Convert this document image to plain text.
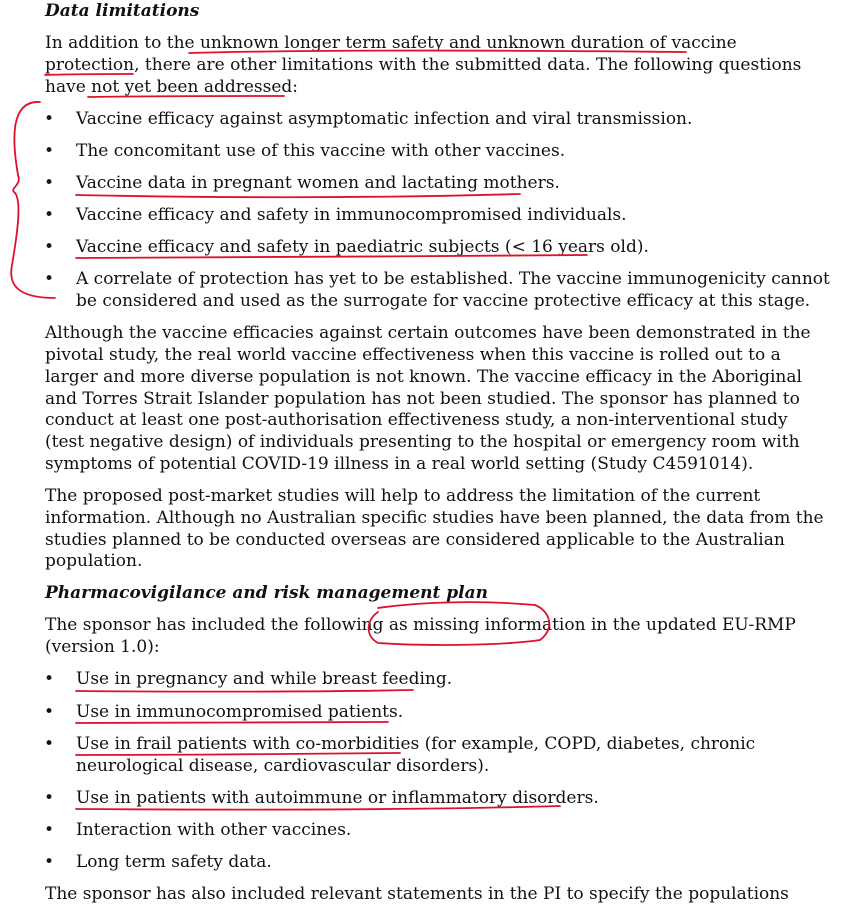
Data limitations
In addition to the unknown longer term safety and unknown duration of vaccine
protection, there are other limitations with the submitted data. The following questions
have not yet been addressed:
• Vaccine efficacy against asymptomatic infection and viral transmission.
• The concomitant use of this vaccine with other vaccines.
• Vaccine data in pregnant women and lactating mothers.
• Vaccine efficacy and safety in immunocompromised individuals.
• Vaccine efficacy and safety in paediatric subjects (< 16 years old).
• A correlate of protection has yet to be established. The vaccine immunogenicity cannot
be considered and used as the surrogate for vaccine protective efficacy at this stage.
Although the vaccine efficacies against certain outcomes have been demonstrated in the
pivotal study, the real world vaccine effectiveness when this vaccine is rolled out to a
larger and more diverse population is not known. The vaccine efficacy in the Aboriginal
and Torres Strait Islander population has not been studied. The sponsor has planned to
conduct at least one post-authorisation effectiveness study, a non-interventional study
(test negative design) of individuals presenting to the hospital or emergency room with
symptoms of potential COVID-19 illness in a real world setting (Study C4591014).
The proposed post-market studies will help to address the limitation of the current
information. Although no Australian specific studies have been planned, the data from the
studies planned to be conducted overseas are considered applicable to the Australian
population.
Pharmacovigilance and risk management plan
The sponsor has included the following as missing information in the updated EU-RMP
(version 1.0):
• Use in pregnancy and while breast feeding.
• Use in immunocompromised patients.
• Use in frail patients with co-morbidities (for example, COPD, diabetes, chronic
neurological disease, cardiovascular disorders).
• Use in patients with autoimmune or inflammatory disorders.
• Interaction with other vaccines.
• Long term safety data.
The sponsor has also included relevant statements in the PI to specify the populations
